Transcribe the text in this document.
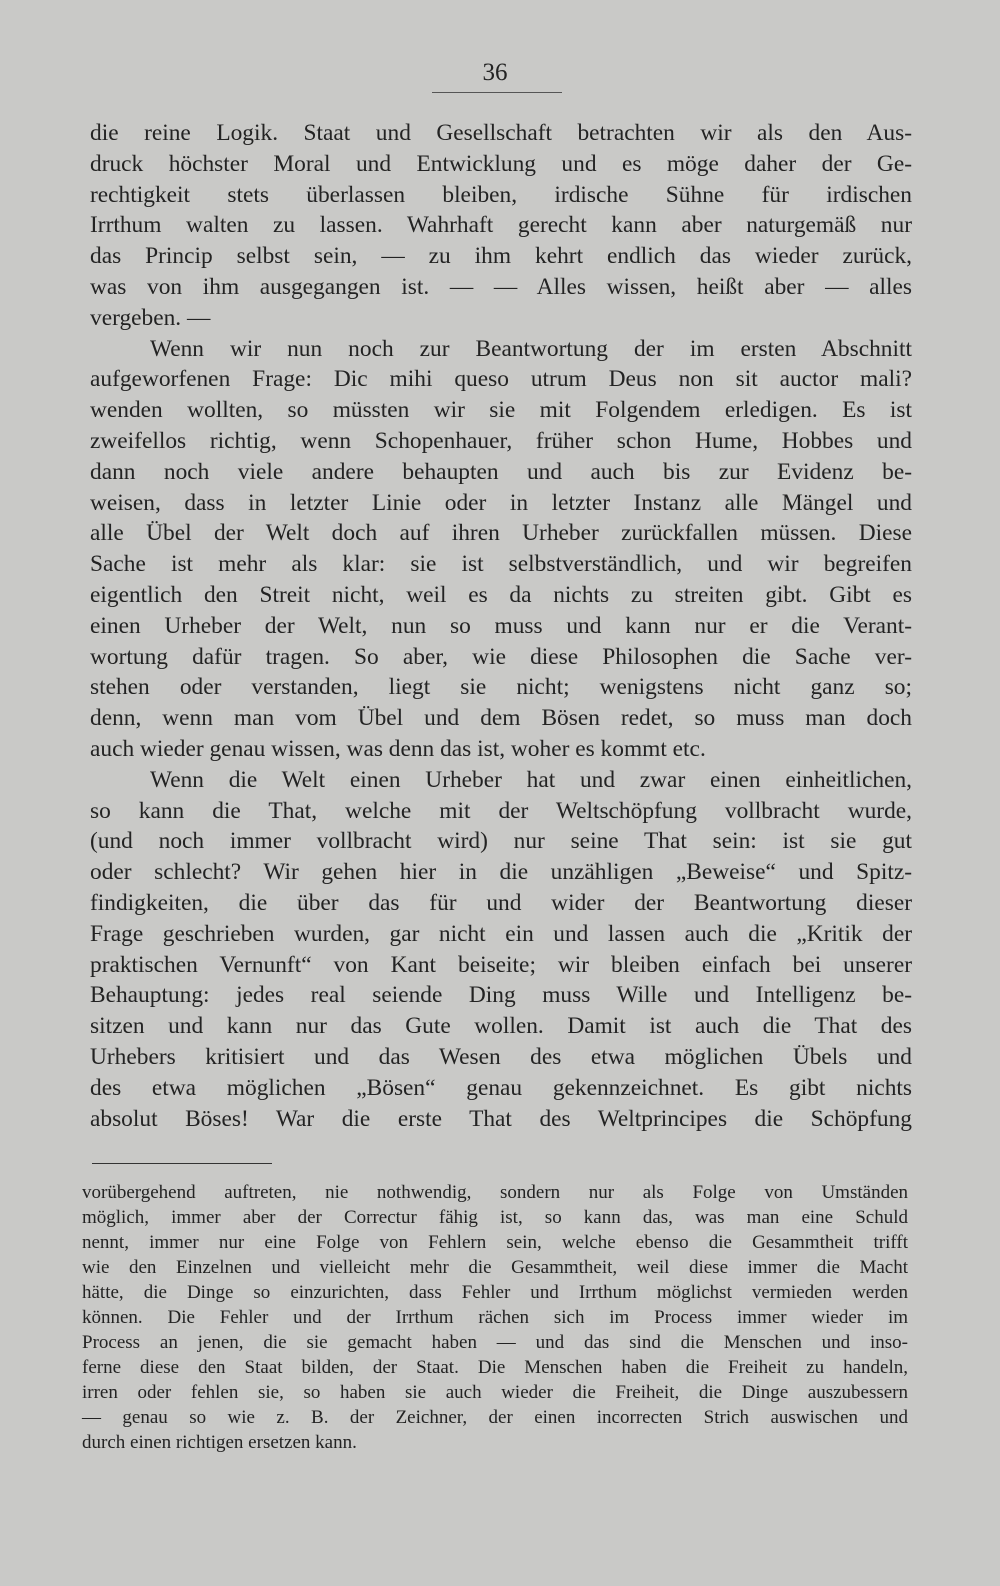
36
die reine Logik. Staat und Gesellschaft betrachten wir als den Aus-
druck höchster Moral und Entwicklung und es möge daher der Ge-
rechtigkeit stets überlassen bleiben, irdische Sühne für irdischen
Irrthum walten zu lassen. Wahrhaft gerecht kann aber naturgemäß nur
das Princip selbst sein, — zu ihm kehrt endlich das wieder zurück,
was von ihm ausgegangen ist. — — Alles wissen, heißt aber — alles
vergeben. —
Wenn wir nun noch zur Beantwortung der im ersten Abschnitt
aufgeworfenen Frage: Dic mihi queso utrum Deus non sit auctor mali?
wenden wollten, so müssten wir sie mit Folgendem erledigen. Es ist
zweifellos richtig, wenn Schopenhauer, früher schon Hume, Hobbes und
dann noch viele andere behaupten und auch bis zur Evidenz be-
weisen, dass in letzter Linie oder in letzter Instanz alle Mängel und
alle Übel der Welt doch auf ihren Urheber zurückfallen müssen. Diese
Sache ist mehr als klar: sie ist selbstverständlich, und wir begreifen
eigentlich den Streit nicht, weil es da nichts zu streiten gibt. Gibt es
einen Urheber der Welt, nun so muss und kann nur er die Verant-
wortung dafür tragen. So aber, wie diese Philosophen die Sache ver-
stehen oder verstanden, liegt sie nicht; wenigstens nicht ganz so;
denn, wenn man vom Übel und dem Bösen redet, so muss man doch
auch wieder genau wissen, was denn das ist, woher es kommt etc.
Wenn die Welt einen Urheber hat und zwar einen einheitlichen,
so kann die That, welche mit der Weltschöpfung vollbracht wurde,
(und noch immer vollbracht wird) nur seine That sein: ist sie gut
oder schlecht? Wir gehen hier in die unzähligen „Beweise“ und Spitz-
findigkeiten, die über das für und wider der Beantwortung dieser
Frage geschrieben wurden, gar nicht ein und lassen auch die „Kritik der
praktischen Vernunft“ von Kant beiseite; wir bleiben einfach bei unserer
Behauptung: jedes real seiende Ding muss Wille und Intelligenz be-
sitzen und kann nur das Gute wollen. Damit ist auch die That des
Urhebers kritisiert und das Wesen des etwa möglichen Übels und
des etwa möglichen „Bösen“ genau gekennzeichnet. Es gibt nichts
absolut Böses! War die erste That des Weltprincipes die Schöpfung
vorübergehend auftreten, nie nothwendig, sondern nur als Folge von Umständen
möglich, immer aber der Correctur fähig ist, so kann das, was man eine Schuld
nennt, immer nur eine Folge von Fehlern sein, welche ebenso die Gesammtheit trifft
wie den Einzelnen und vielleicht mehr die Gesammtheit, weil diese immer die Macht
hätte, die Dinge so einzurichten, dass Fehler und Irrthum möglichst vermieden werden
können. Die Fehler und der Irrthum rächen sich im Process immer wieder im
Process an jenen, die sie gemacht haben — und das sind die Menschen und inso-
ferne diese den Staat bilden, der Staat. Die Menschen haben die Freiheit zu handeln,
irren oder fehlen sie, so haben sie auch wieder die Freiheit, die Dinge auszubessern
— genau so wie z. B. der Zeichner, der einen incorrecten Strich auswischen und
durch einen richtigen ersetzen kann.
